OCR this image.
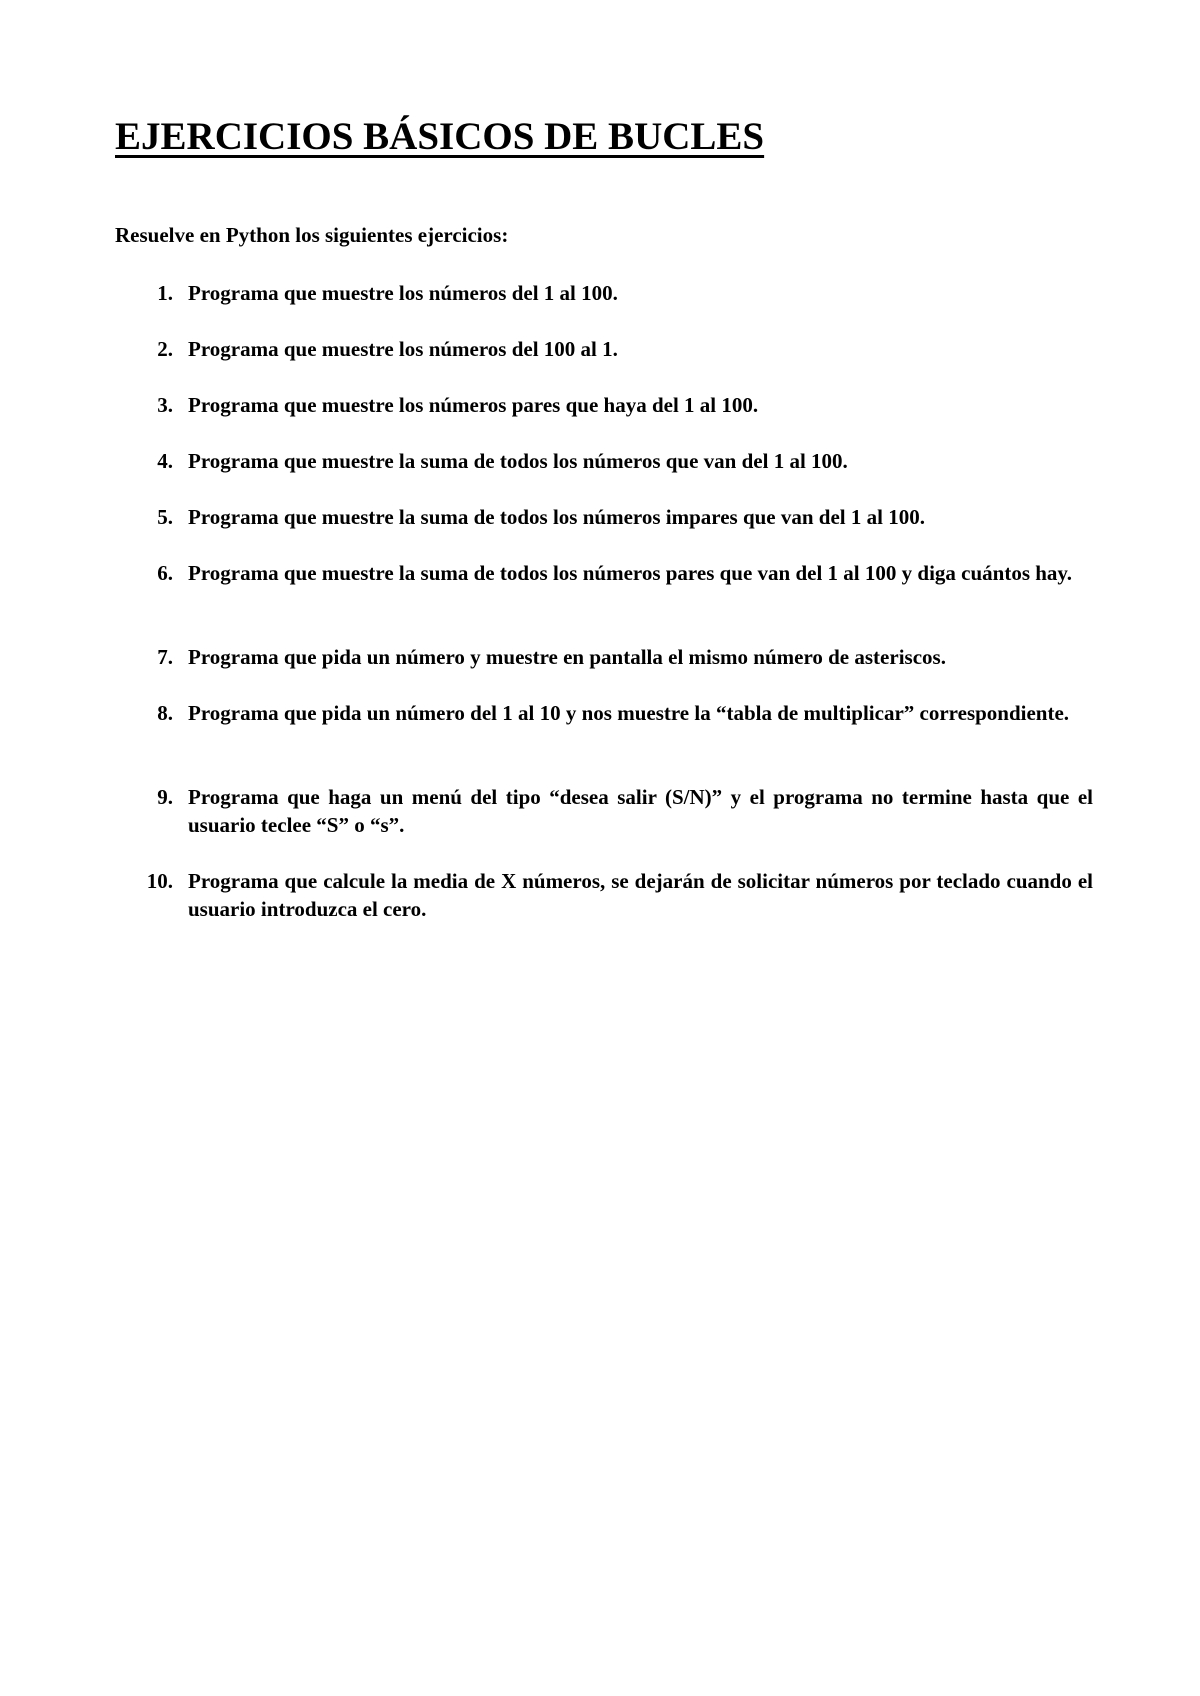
EJERCICIOS BÁSICOS DE BUCLES

Resuelve en Python los siguientes ejercicios:

1. Programa que muestre los números del 1 al 100.
2. Programa que muestre los números del 100 al 1.
3. Programa que muestre los números pares que haya del 1 al 100.
4. Programa que muestre la suma de todos los números que van del 1 al 100.
5. Programa que muestre la suma de todos los números impares que van del 1 al 100.
6. Programa que muestre la suma de todos los números pares que van del 1 al 100 y diga cuántos hay.
7. Programa que pida un número y muestre en pantalla el mismo número de asteriscos.
8. Programa que pida un número del 1 al 10 y nos muestre la “tabla de multiplicar” correspondiente.
9. Programa que haga un menú del tipo “desea salir (S/N)” y el programa no termine hasta que el usuario teclee “S” o “s”.
10. Programa que calcule la media de X números, se dejarán de solicitar números por teclado cuando el usuario introduzca el cero.
